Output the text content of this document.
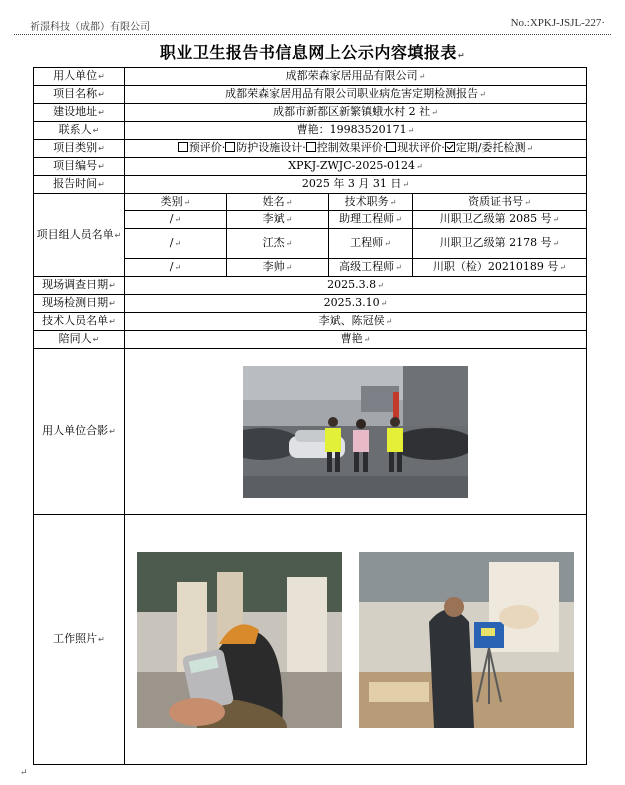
祈澋科技（成都）有限公司	No.:XPKJ-JSJL-227·
职业卫生报告书信息网上公示内容填报表↵
用人单位↵	成都荣森家居用品有限公司↵			
项目名称↵	成都荣森家居用品有限公司职业病危害定期检测报告↵			
建设地址↵	成都市新都区新繁镇蛾水村 2 社↵			
联系人↵	曹艳：19983520171↵			
项目类别↵	预评价· 防护设施设计· 控制效果评价· 现状评价· 定期/委托检测↵			
项目编号↵	XPKJ-ZWJC-2025-0124↵			
报告时间↵	2025 年 3 月 31 日↵			
项目组人员名单↵	类别↵	姓名↵	技术职务↵	资质证书号↵
	/↵	李斌↵	助理工程师↵	川职卫乙级第 2085 号↵
	/↵	江杰↵	工程师↵	川职卫乙级第 2178 号↵
	/↵	李帅↵	高级工程师↵	川职（检）20210189 号↵
现场调查日期↵	2025.3.8↵			
现场检测日期↵	2025.3.10↵			
技术人员名单↵	李斌、陈冠侯↵			
陪同人↵	曹艳↵			
用人单位合影↵	

工作照片↵	
↵
